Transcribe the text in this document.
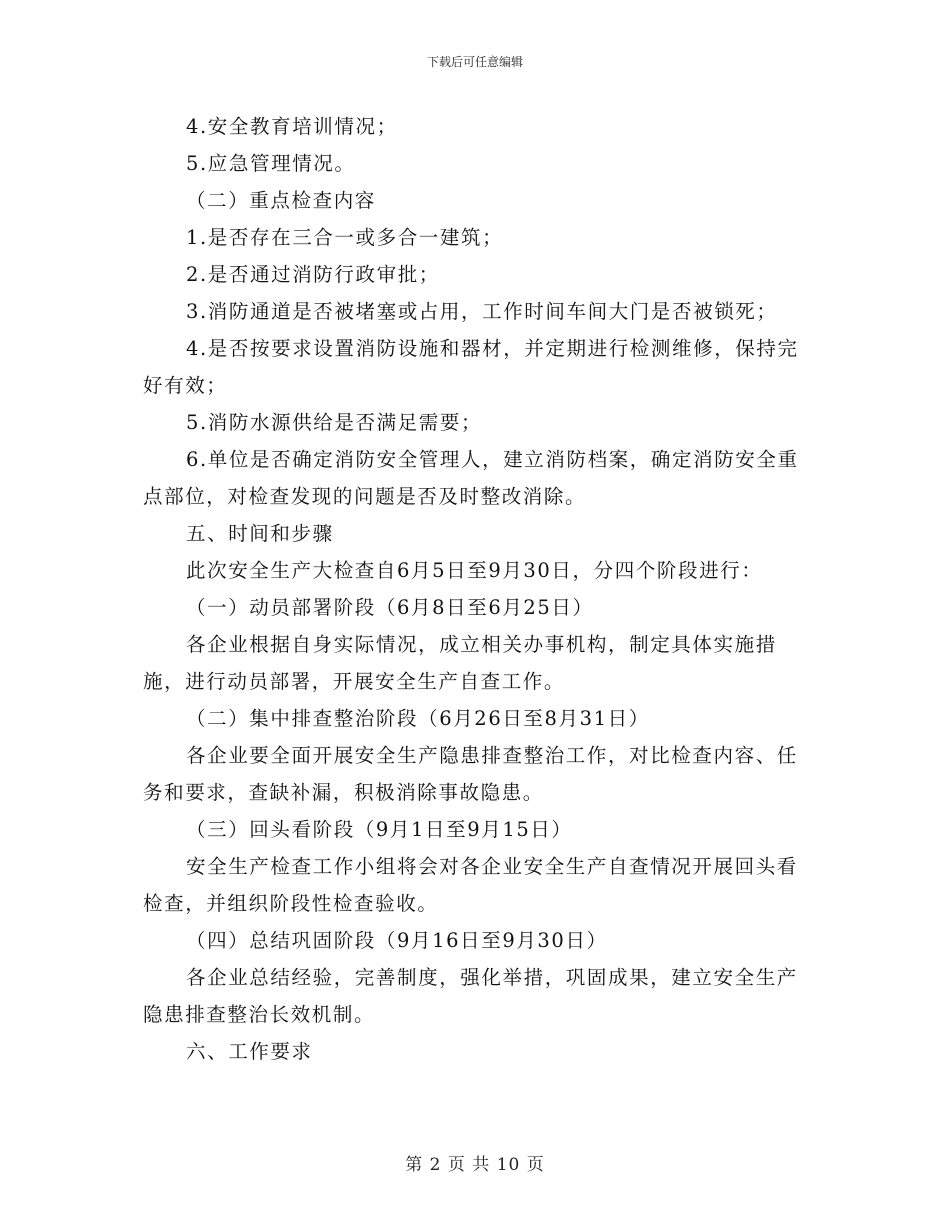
下载后可任意编辑

4.安全教育培训情况；

5.应急管理情况。

（二）重点检查内容

1.是否存在三合一或多合一建筑；

2.是否通过消防行政审批；

3.消防通道是否被堵塞或占用，工作时间车间大门是否被锁死；

4.是否按要求设置消防设施和器材，并定期进行检测维修，保持完好有效；

5.消防水源供给是否满足需要；

6.单位是否确定消防安全管理人，建立消防档案，确定消防安全重点部位，对检查发现的问题是否及时整改消除。

五、时间和步骤

此次安全生产大检查自6月5日至9月30日，分四个阶段进行：

（一）动员部署阶段（6月8日至6月25日）

各企业根据自身实际情况，成立相关办事机构，制定具体实施措施，进行动员部署，开展安全生产自查工作。

（二）集中排查整治阶段（6月26日至8月31日）

各企业要全面开展安全生产隐患排查整治工作，对比检查内容、任务和要求，查缺补漏，积极消除事故隐患。

（三）回头看阶段（9月1日至9月15日）

安全生产检查工作小组将会对各企业安全生产自查情况开展回头看检查，并组织阶段性检查验收。

（四）总结巩固阶段（9月16日至9月30日）

各企业总结经验，完善制度，强化举措，巩固成果，建立安全生产隐患排查整治长效机制。

六、工作要求

第 2 页 共 10 页
